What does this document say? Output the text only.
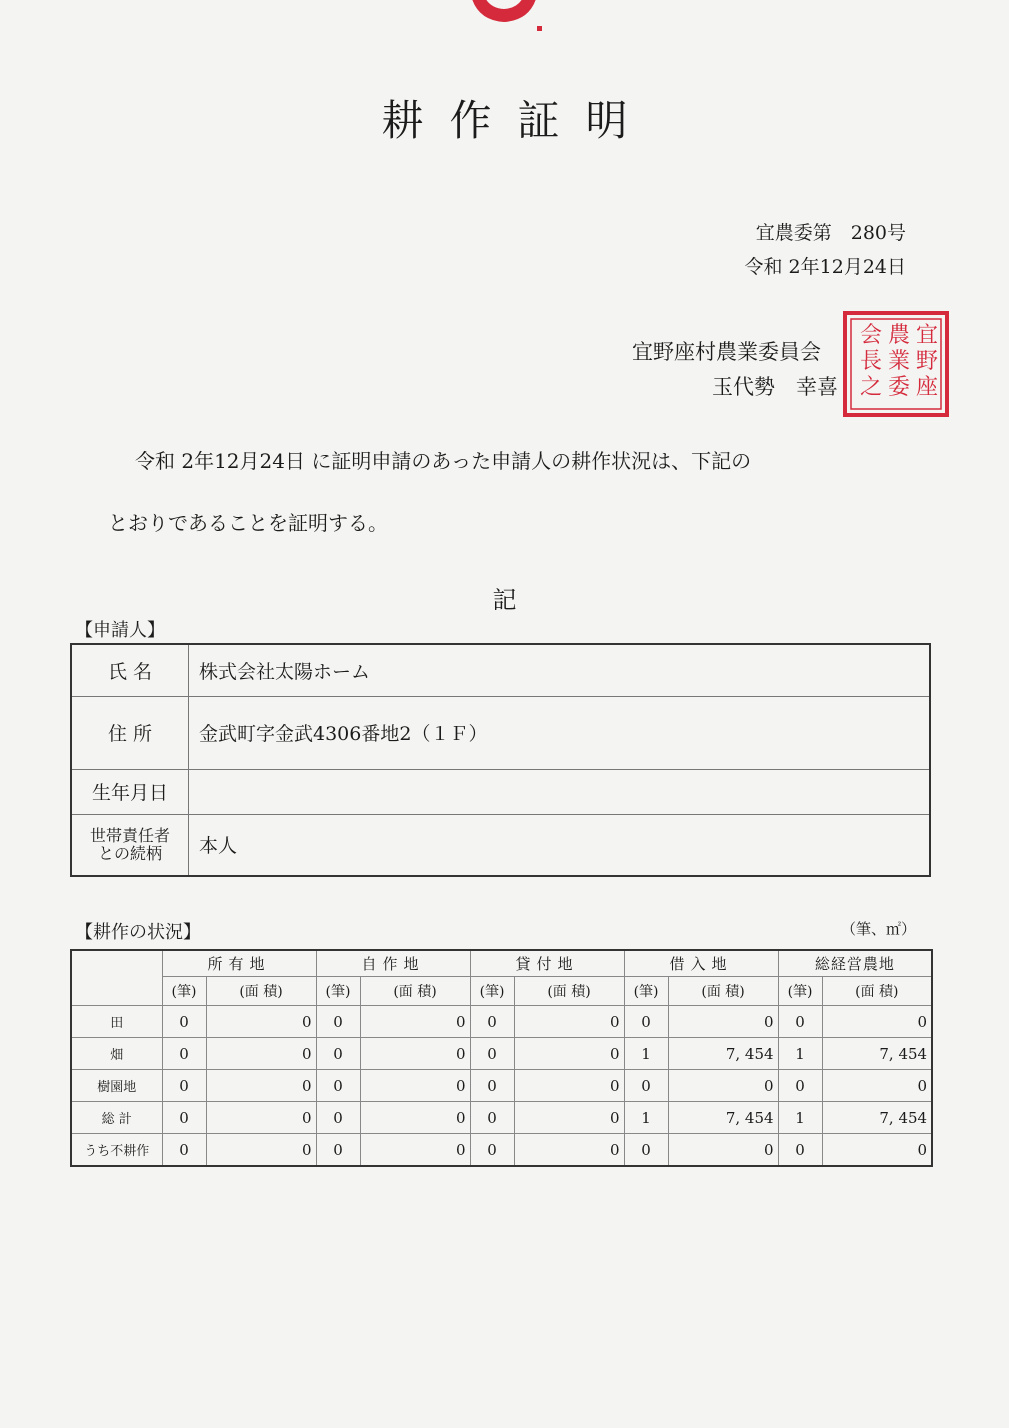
耕作証明
宜農委第　280号
令和 2年12月24日
宜野座村農業委員会
玉代勢　幸喜
宜
野
座
農
業
委
会
長
之
令和 2年12月24日 に証明申請のあった申請人の耕作状況は、下記の
とおりであることを証明する。
記
【申請人】
氏 名	株式会社太陽ホーム
住 所	金武町字金武4306番地2（１Ｆ）
生年月日	

世帯責任者
との続柄	本人
【耕作の状況】	（筆、㎡）
	所有地		自作地		貸付地		借入地		総経営農地	
	(筆)	(面 積)	(筆)	(面 積)	(筆)	(面 積)	(筆)	(面 積)	(筆)	(面 積)
田	0	0	0	0	0	0	0	0	0	0
畑	0	0	0	0	0	0	1	7, 454	1	7, 454
樹園地	0	0	0	0	0	0	0	0	0	0
総 計	0	0	0	0	0	0	1	7, 454	1	7, 454
うち不耕作	0	0	0	0	0	0	0	0	0	0
